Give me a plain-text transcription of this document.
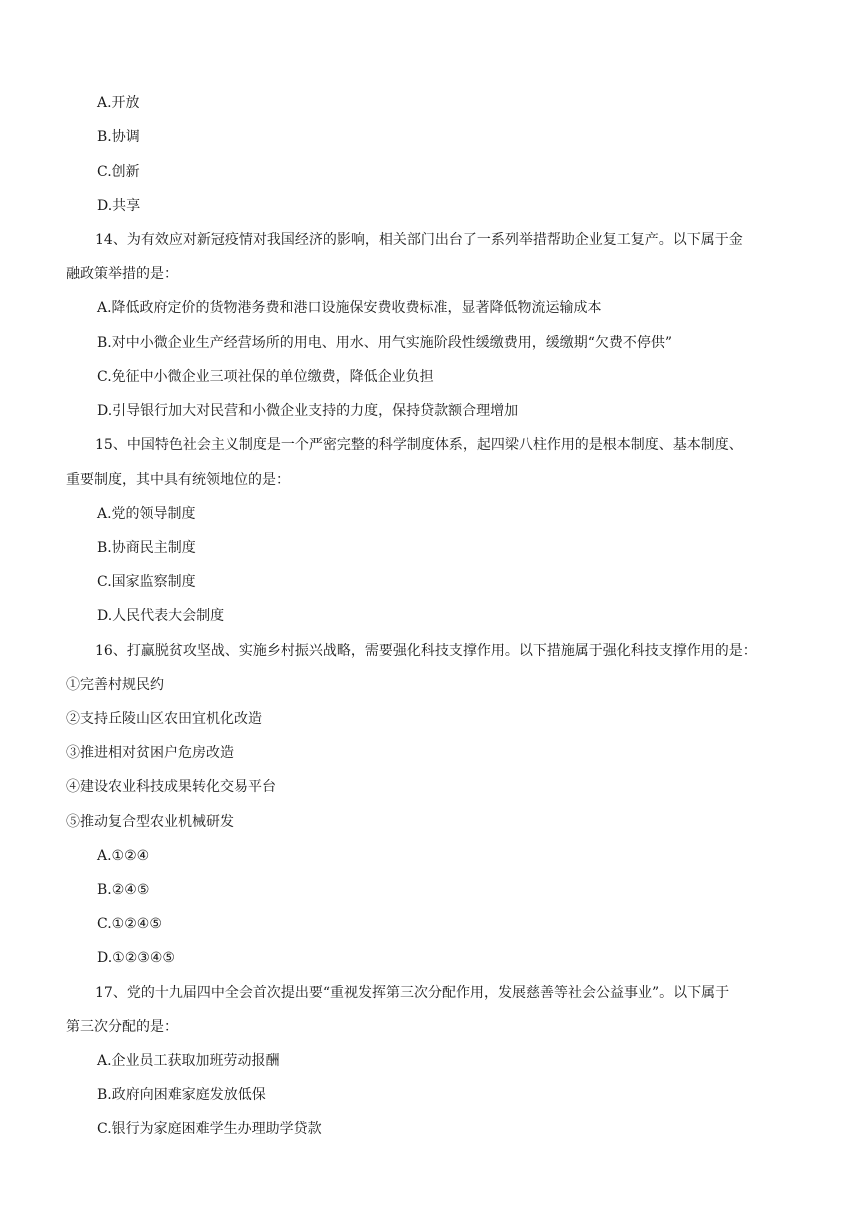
A.开放
B.协调
C.创新
D.共享
14、为有效应对新冠疫情对我国经济的影响，相关部门出台了一系列举措帮助企业复工复产。以下属于金
融政策举措的是：
A.降低政府定价的货物港务费和港口设施保安费收费标准，显著降低物流运输成本
B.对中小微企业生产经营场所的用电、用水、用气实施阶段性缓缴费用，缓缴期“欠费不停供”
C.免征中小微企业三项社保的单位缴费，降低企业负担
D.引导银行加大对民营和小微企业支持的力度，保持贷款额合理增加
15、中国特色社会主义制度是一个严密完整的科学制度体系，起四梁八柱作用的是根本制度、基本制度、
重要制度，其中具有统领地位的是：
A.党的领导制度
B.协商民主制度
C.国家监察制度
D.人民代表大会制度
16、打赢脱贫攻坚战、实施乡村振兴战略，需要强化科技支撑作用。以下措施属于强化科技支撑作用的是：
①完善村规民约
②支持丘陵山区农田宜机化改造
③推进相对贫困户危房改造
④建设农业科技成果转化交易平台
⑤推动复合型农业机械研发
A.①②④
B.②④⑤
C.①②④⑤
D.①②③④⑤
17、党的十九届四中全会首次提出要“重视发挥第三次分配作用，发展慈善等社会公益事业”。以下属于
第三次分配的是：
A.企业员工获取加班劳动报酬
B.政府向困难家庭发放低保
C.银行为家庭困难学生办理助学贷款
